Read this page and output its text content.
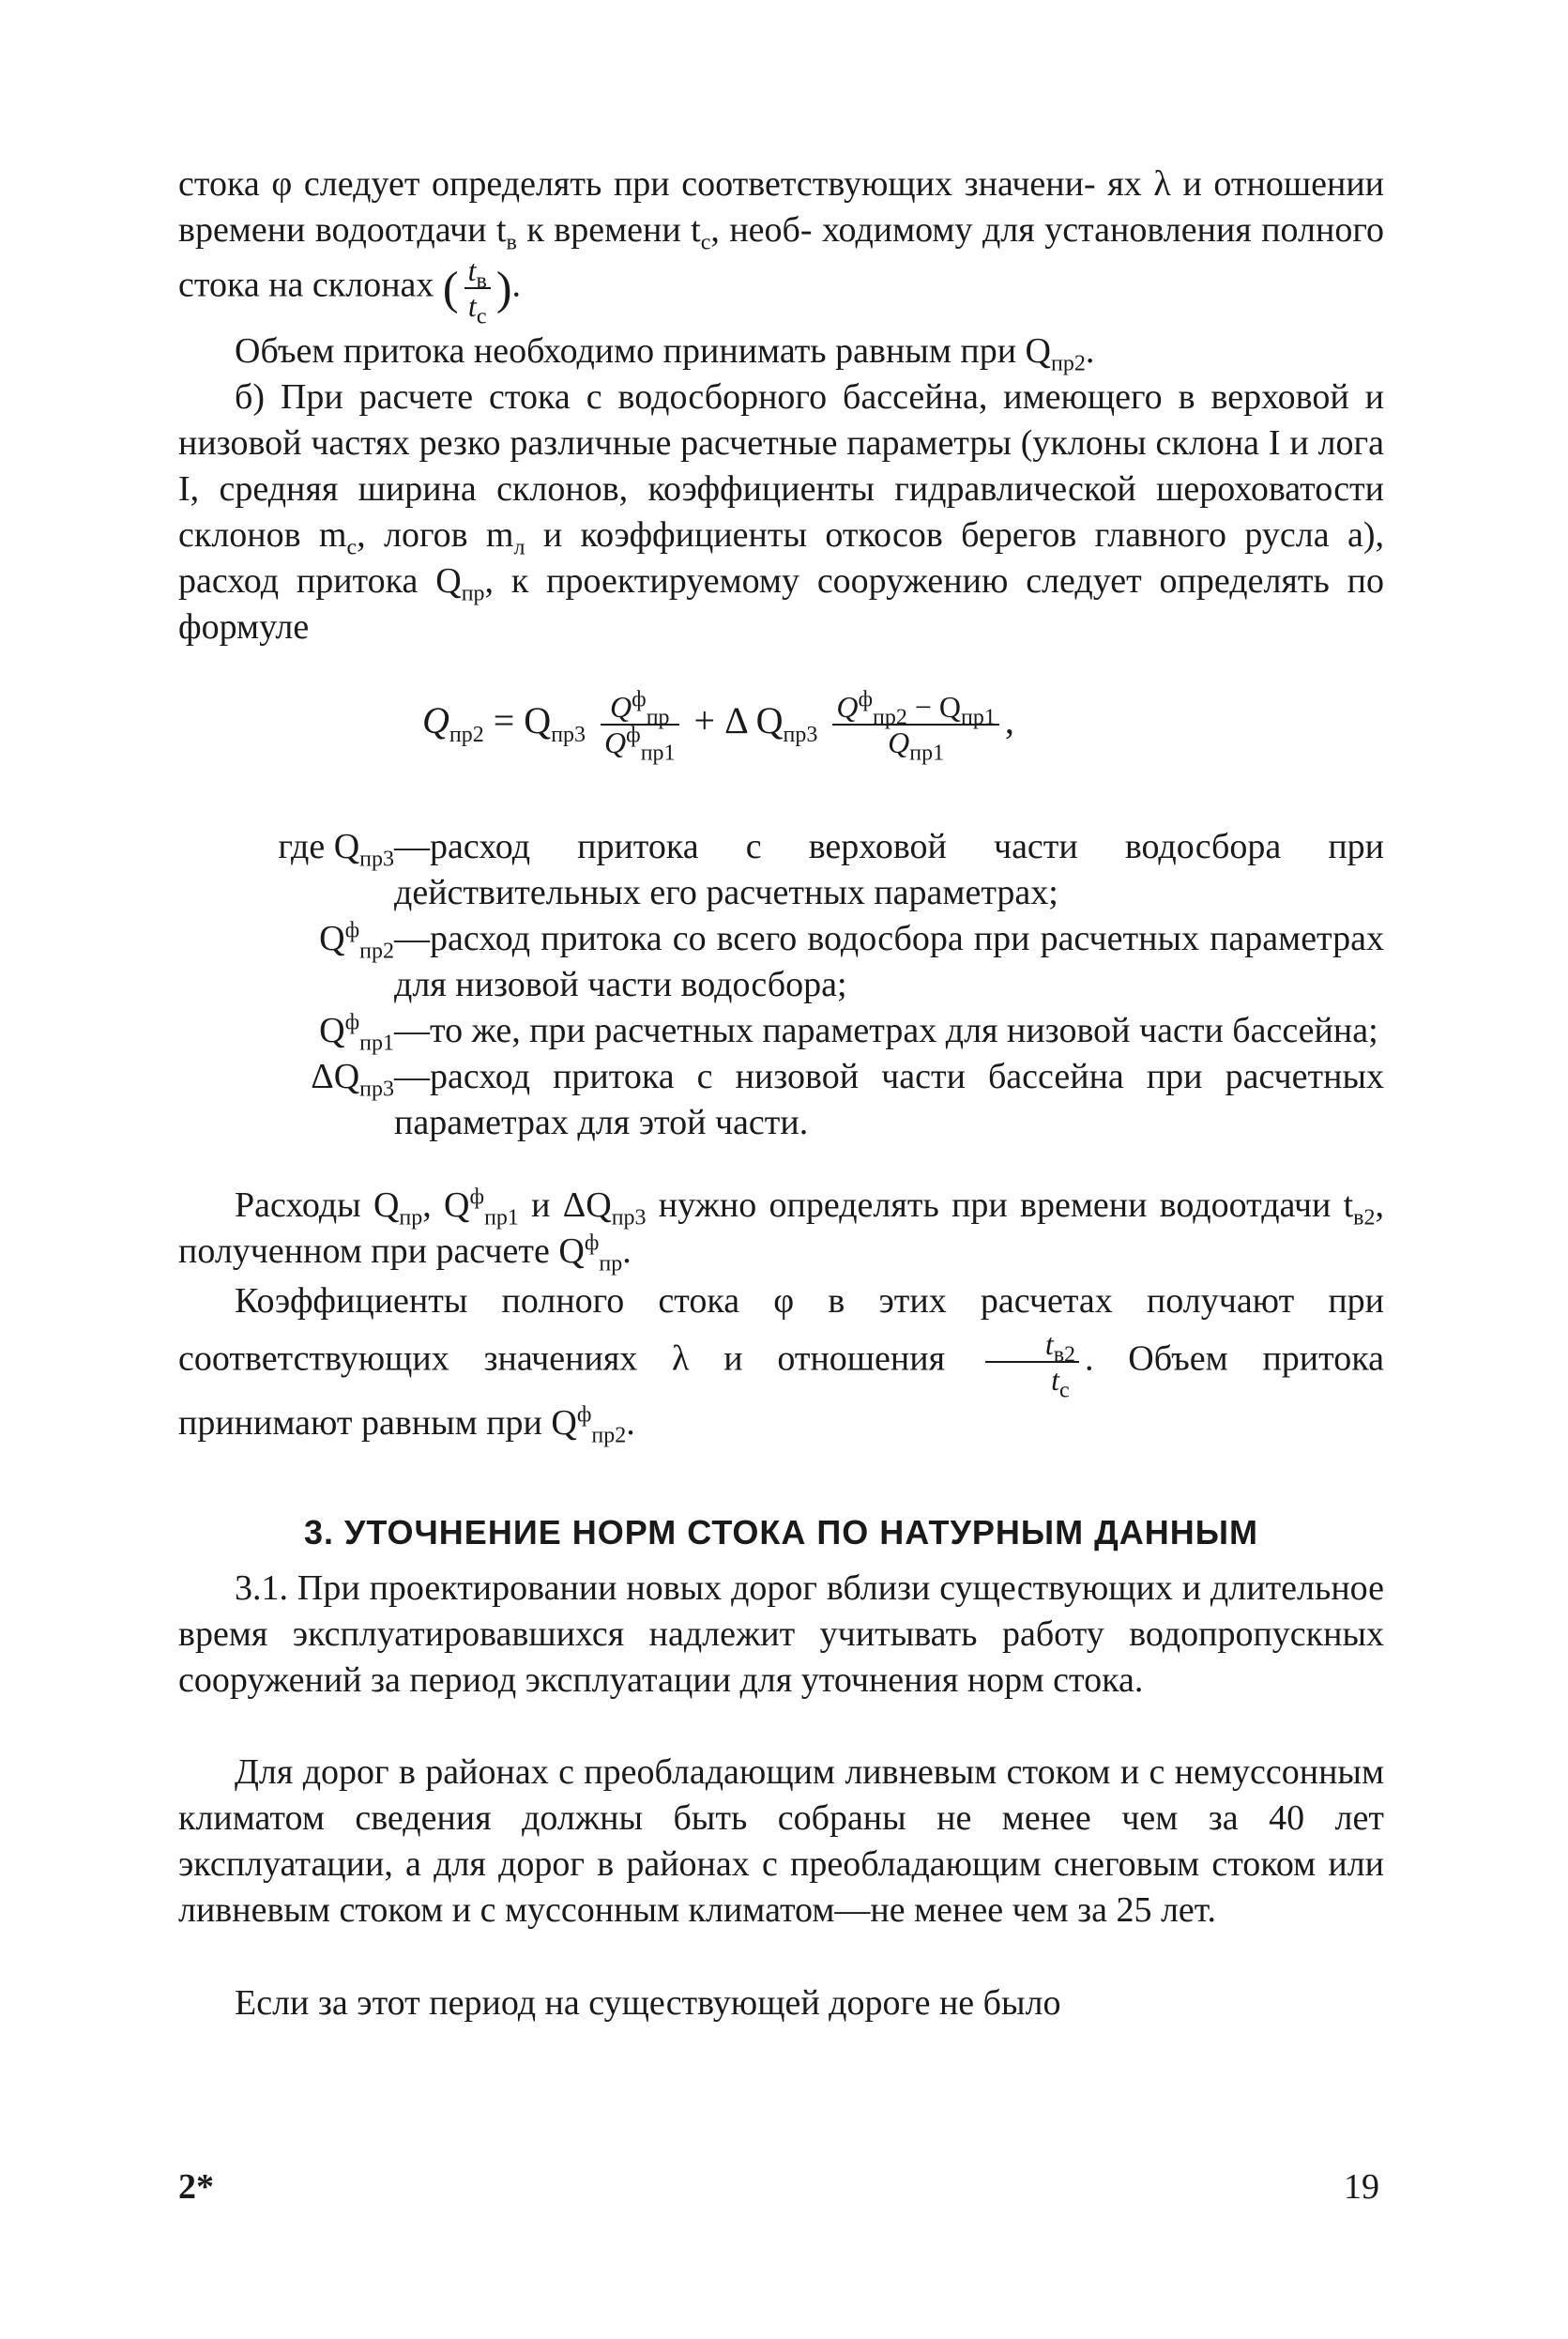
стока φ следует определять при соответствующих значени- ях λ и отношении времени водоотдачи $t_в$ к времени $t_с$, необ- ходимому для установления полного стока на склонах ( $\frac{t_в}{t_с}$ ).

Объем притока необходимо принимать равным при $Q_{пр2}$.

б) При расчете стока с водосборного бассейна, имеющего в верховой и низовой частях резко различные расчетные параметры (уклоны склона I и лога I, средняя ширина склонов, коэффициенты гидравлической шероховатости склонов $m_с$, логов $m_л$ и коэффициенты откосов берегов главного русла a), расход притока $Q_{пр}$, к проектируемому сооружению следует определять по формуле

$Q_{пр2} = Q_{пр3} \frac{Q^ф_{пр}}{Q^ф_{пр1}} + \Delta$ $Q_{пр3} \frac{Q^ф_{пр2} - Q_{пр1}}{Q_{пр1}}$ ,
где $Q_{пр3}$ —расход притока с верховой части водосбора при действительных его расчетных параметрах;
$Q^ф_{пр2}$ —расход притока со всего водосбора при расчетных параметрах для низовой части водосбора;
$Q^ф_{пр1}$ —то же, при расчетных параметрах для низовой части бассейна;
$\Delta Q_{пр3}$ —расход притока с низовой части бассейна при расчетных параметрах для этой части.

Расходы $Q_{пр}$, $Q^ф_{пр1}$ и $\Delta Q_{пр3}$ нужно определять при времени водоотдачи $t_{в2}$, полученном при расчете $Q^ф_{пр}$.

Коэффициенты полного стока φ в этих расчетах получают при соответствующих значениях λ и отношения $\frac{t_{в2}}{t_с}$ . Объем притока принимают равным при $Q^ф_{пр2}$.

3. УТОЧНЕНИЕ НОРМ СТОКА ПО НАТУРНЫМ ДАННЫМ

3.1. При проектировании новых дорог вблизи существующих и длительное время эксплуатировавшихся надлежит учитывать работу водопропускных сооружений за период эксплуатации для уточнения норм стока.

Для дорог в районах с преобладающим ливневым стоком и с немуссонным климатом сведения должны быть собраны не менее чем за 40 лет эксплуатации, а для дорог в районах с преобладающим снеговым стоком или ливневым стоком и с муссонным климатом—не менее чем за 25 лет.

Если за этот период на существующей дороге не было

2*	19
